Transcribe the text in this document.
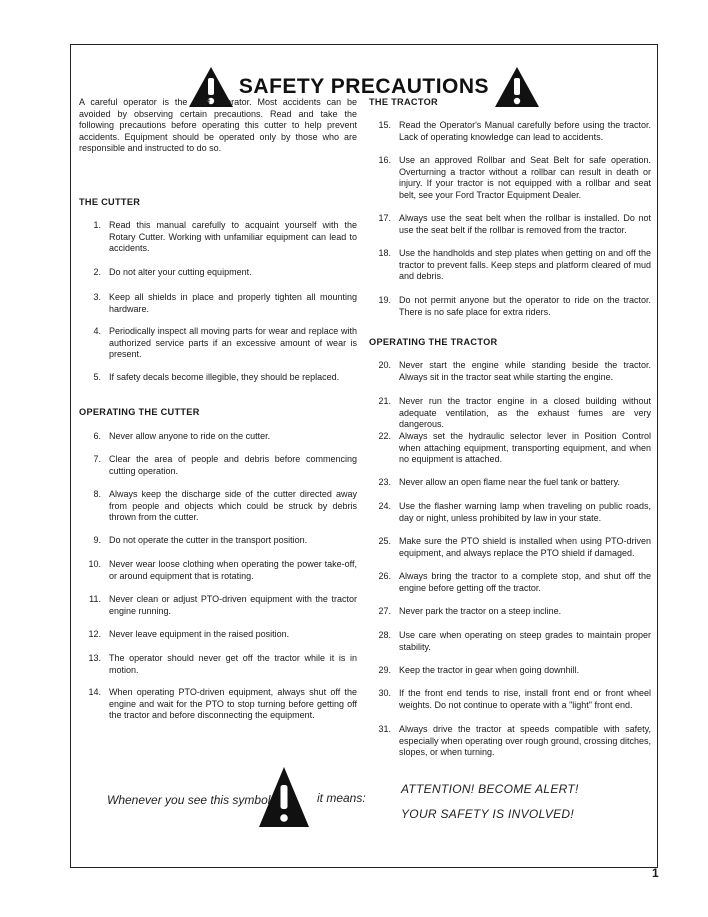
SAFETY PRECAUTIONS

A careful operator is the best operator. Most accidents can be avoided by observing certain precautions. Read and take the following precautions before operating this cutter to help prevent accidents. Equipment should be operated only by those who are responsible and instructed to do so.

THE CUTTER

1. Read this manual carefully to acquaint yourself with the Rotary Cutter. Working with unfamiliar equipment can lead to accidents.
2. Do not alter your cutting equipment.
3. Keep all shields in place and properly tighten all mounting hardware.
4. Periodically inspect all moving parts for wear and replace with authorized service parts if an excessive amount of wear is present.
5. If safety decals become illegible, they should be replaced.

OPERATING THE CUTTER

6. Never allow anyone to ride on the cutter.
7. Clear the area of people and debris before commencing cutting operation.
8. Always keep the discharge side of the cutter directed away from people and objects which could be struck by debris thrown from the cutter.
9. Do not operate the cutter in the transport position.
10. Never wear loose clothing when operating the power take-off, or around equipment that is rotating.
11. Never clean or adjust PTO-driven equipment with the tractor engine running.
12. Never leave equipment in the raised position.
13. The operator should never get off the tractor while it is in motion.
14. When operating PTO-driven equipment, always shut off the engine and wait for the PTO to stop turning before getting off the tractor and before disconnecting the equipment.

THE TRACTOR

15. Read the Operator's Manual carefully before using the tractor. Lack of operating knowledge can lead to accidents.
16. Use an approved Rollbar and Seat Belt for safe operation. Overturning a tractor without a rollbar can result in death or injury. If your tractor is not equipped with a rollbar and seat belt, see your Ford Tractor Equipment Dealer.
17. Always use the seat belt when the rollbar is installed. Do not use the seat belt if the rollbar is removed from the tractor.
18. Use the handholds and step plates when getting on and off the tractor to prevent falls. Keep steps and platform cleared of mud and debris.
19. Do not permit anyone but the operator to ride on the tractor. There is no safe place for extra riders.

OPERATING THE TRACTOR

20. Never start the engine while standing beside the tractor. Always sit in the tractor seat while starting the engine.
21. Never run the tractor engine in a closed building without adequate ventilation, as the exhaust fumes are very dangerous.
22. Always set the hydraulic selector lever in Position Control when attaching equipment, transporting equipment, and when no equipment is attached.
23. Never allow an open flame near the fuel tank or battery.
24. Use the flasher warning lamp when traveling on public roads, day or night, unless prohibited by law in your state.
25. Make sure the PTO shield is installed when using PTO-driven equipment, and always replace the PTO shield if damaged.
26. Always bring the tractor to a complete stop, and shut off the engine before getting off the tractor.
27. Never park the tractor on a steep incline.
28. Use care when operating on steep grades to maintain proper stability.
29. Keep the tractor in gear when going downhill.
30. If the front end tends to rise, install front end or front wheel weights. Do not continue to operate with a "light" front end.
31. Always drive the tractor at speeds compatible with safety, especially when operating over rough ground, crossing ditches, slopes, or when turning.
Whenever you see this symbol	it means:
ATTENTION! BECOME ALERT!
YOUR SAFETY IS INVOLVED!
1
